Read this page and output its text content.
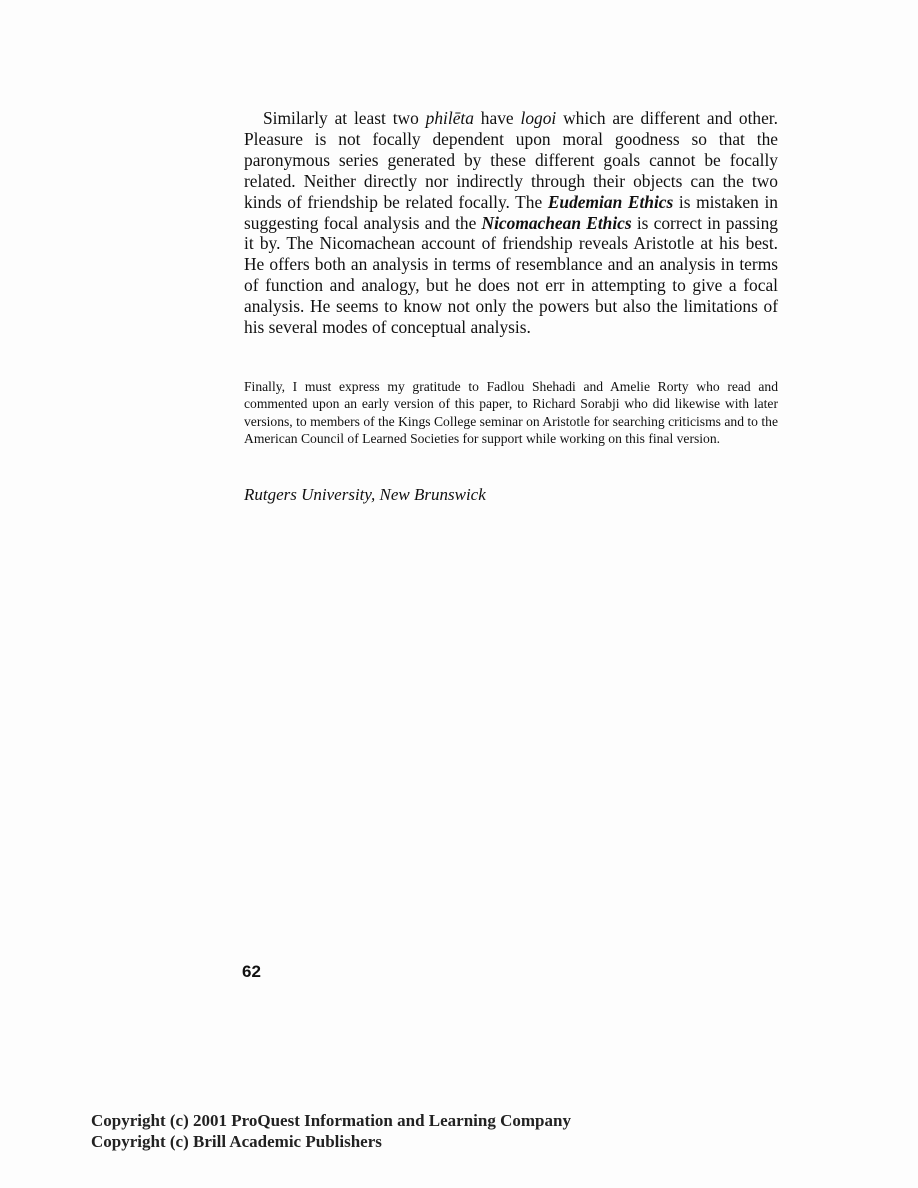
Similarly at least two philēta have logoi which are different and other. Pleasure is not focally dependent upon moral goodness so that the paronymous series generated by these different goals cannot be focally related. Neither directly nor indirectly through their objects can the two kinds of friendship be related focally. The Eudemian Ethics is mistaken in suggesting focal analysis and the Nicomachean Ethics is correct in passing it by. The Nicomachean account of friendship reveals Aristotle at his best. He offers both an analysis in terms of resemblance and an analysis in terms of function and analogy, but he does not err in attempting to give a focal analysis. He seems to know not only the powers but also the limitations of his several modes of conceptual analysis.

Finally, I must express my gratitude to Fadlou Shehadi and Amelie Rorty who read and commented upon an early version of this paper, to Richard Sorabji who did likewise with later versions, to members of the Kings College seminar on Aristotle for searching criticisms and to the American Council of Learned Societies for support while working on this final version.

Rutgers University, New Brunswick

62

Copyright (c) 2001 ProQuest Information and Learning Company
Copyright (c) Brill Academic Publishers
